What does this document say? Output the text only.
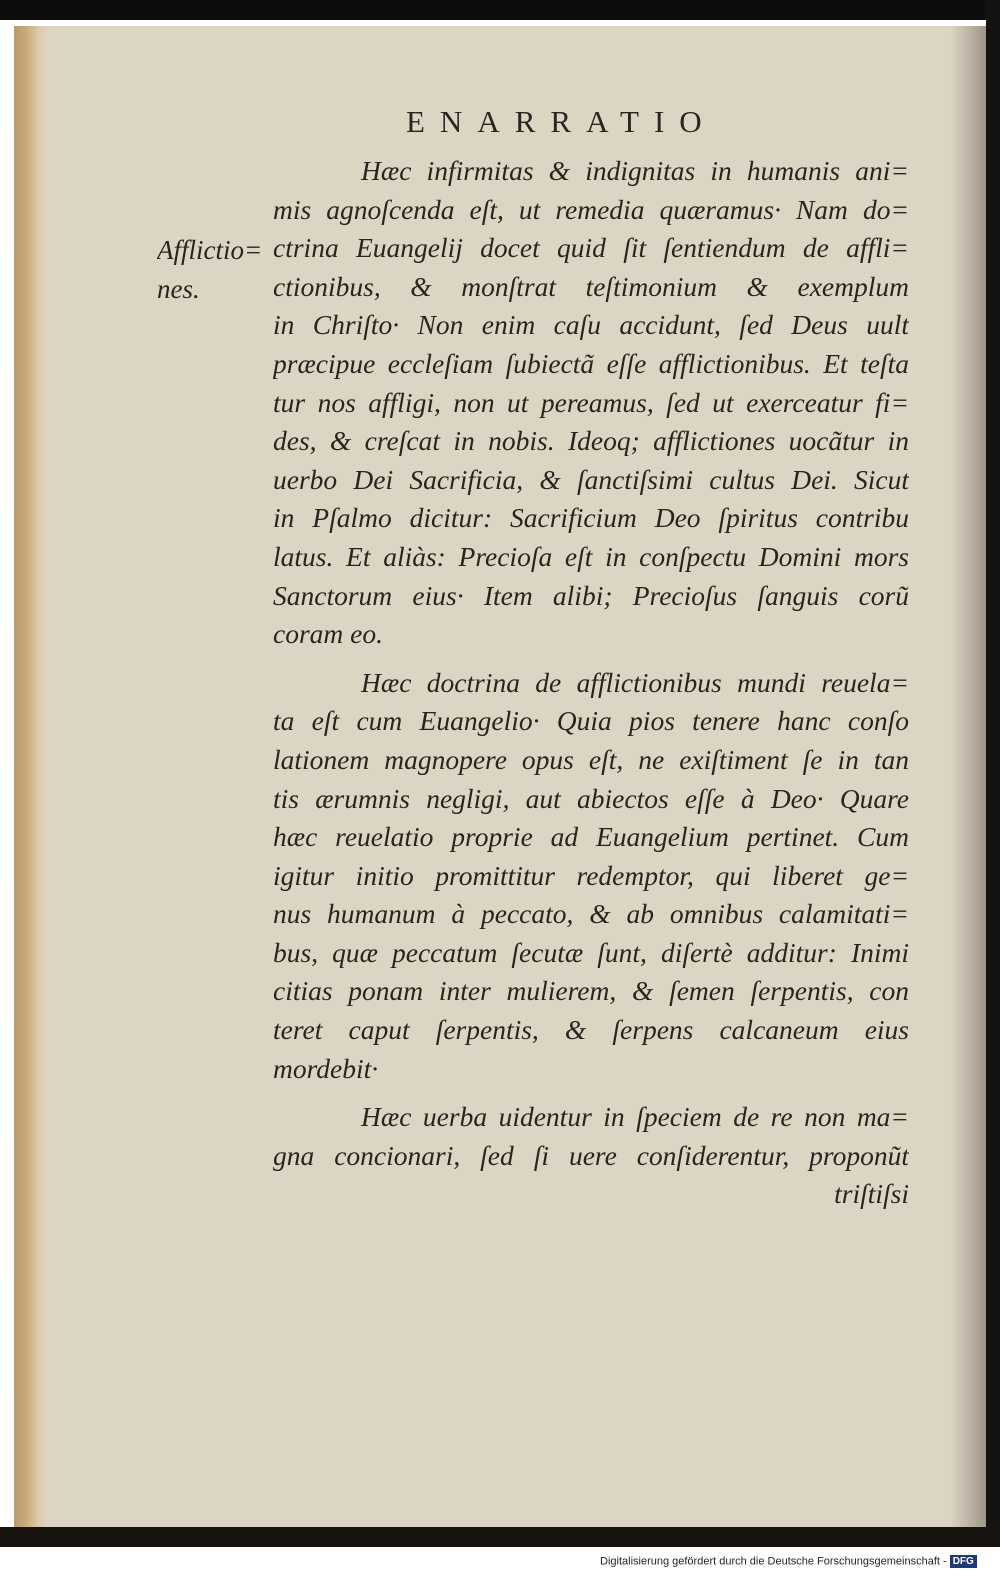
ENARRATIO
Afflictio=
nes.
Hæc infirmitas & indignitas in humanis ani=
mis agnoſcenda eſt, ut remedia quæramus· Nam do=
ctrina Euangelij docet quid ſit ſentiendum de affli=
ctionibus, & monſtrat teſtimonium & exemplum
in Chriſto· Non enim caſu accidunt, ſed Deus uult
præcipue eccleſiam ſubiectã eſſe afflictionibus. Et teſta
tur nos affligi, non ut pereamus, ſed ut exerceatur fi=
des, & creſcat in nobis. Ideoq; afflictiones uocãtur in
uerbo Dei Sacrificia, & ſanctiſsimi cultus Dei. Sicut
in Pſalmo dicitur: Sacrificium Deo ſpiritus contribu
latus. Et aliàs: Precioſa eſt in conſpectu Domini mors
Sanctorum eius· Item alibi; Precioſus ſanguis corũ
coram eo.
Hæc doctrina de afflictionibus mundi reuela=
ta eſt cum Euangelio· Quia pios tenere hanc conſo
lationem magnopere opus eſt, ne exiſtiment ſe in tan
tis ærumnis negligi, aut abiectos eſſe à Deo· Quare
hæc reuelatio proprie ad Euangelium pertinet. Cum
igitur initio promittitur redemptor, qui liberet ge=
nus humanum à peccato, & ab omnibus calamitati=
bus, quæ peccatum ſecutæ ſunt, diſertè additur: Inimi
citias ponam inter mulierem, & ſemen ſerpentis, con
teret caput ſerpentis, & ſerpens calcaneum eius
mordebit·
Hæc uerba uidentur in ſpeciem de re non ma=
gna concionari, ſed ſi uere conſiderentur, proponũt
triſtiſsi
Digitalisierung gefördert durch die Deutsche Forschungsgemeinschaft - DFG
